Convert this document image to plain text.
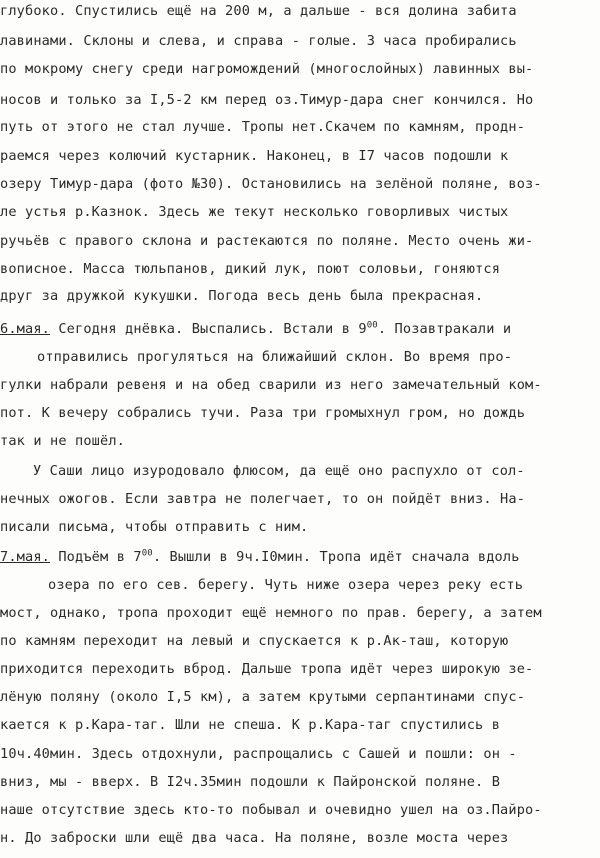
глубоко. Спустились ещё на 200 м, а дальше - вся долина забита
лавинами. Склоны и слева, и справа - голые. 3 часа пробирались
по мокрому снегу среди нагромождений (многослойных) лавинных вы-
носов и только за I,5-2 км перед оз.Тимур-дара снег кончился. Но
путь от этого не стал лучше. Тропы нет.Скачем по камням, продн-
раемся через колючий кустарник. Наконец, в I7 часов подошли к
озеру Тимур-дара (фото №30). Остановились на зелёной поляне, воз-
ле устья р.Казнок. Здесь же текут несколько говорливых чистых
ручьёв с правого склона и растекаются по поляне. Место очень жи-
вописное. Масса тюльпанов, дикий лук, поют соловьи, гоняются
друг за дружкой кукушки. Погода весь день была прекрасная.
6.мая. Сегодня днёвка. Выспались. Встали в $9^{00}$. Позавтракали и
отправились прогуляться на ближайший склон. Во время про-
гулки набрали ревеня и на обед сварили из него замечательный ком-
пот. К вечеру собрались тучи. Раза три громыхнул гром, но дождь
так и не пошёл.
У Саши лицо изуродовало флюсом, да ещё оно распухло от сол-
нечных ожогов. Если завтра не полегчает, то он пойдёт вниз. На-
писали письма, чтобы отправить с ним.
7.мая. Подъём в $7^{00}$. Вышли в 9ч.I0мин. Тропа идёт сначала вдоль
озера по его сев. берегу. Чуть ниже озера через реку есть
мост, однако, тропа проходит ещё немного по прав. берегу, а затем
по камням переходит на левый и спускается к р.Ак-таш, которую
приходится переходить вброд. Дальше тропа идёт через широкую зе-
лёную поляну (около I,5 км), а затем крутыми серпантинами спус-
кается к р.Кара-таг. Шли не спеша. К р.Кара-таг спустились в
10ч.40мин. Здесь отдохнули, распрощались с Сашей и пошли: он -
вниз, мы - вверх. В I2ч.35мин подошли к Пайронской поляне. В
наше отсутствие здесь кто-то побывал и очевидно ушел на оз.Пайро-
н. До заброски шли ещё два часа. На поляне, возле моста через
